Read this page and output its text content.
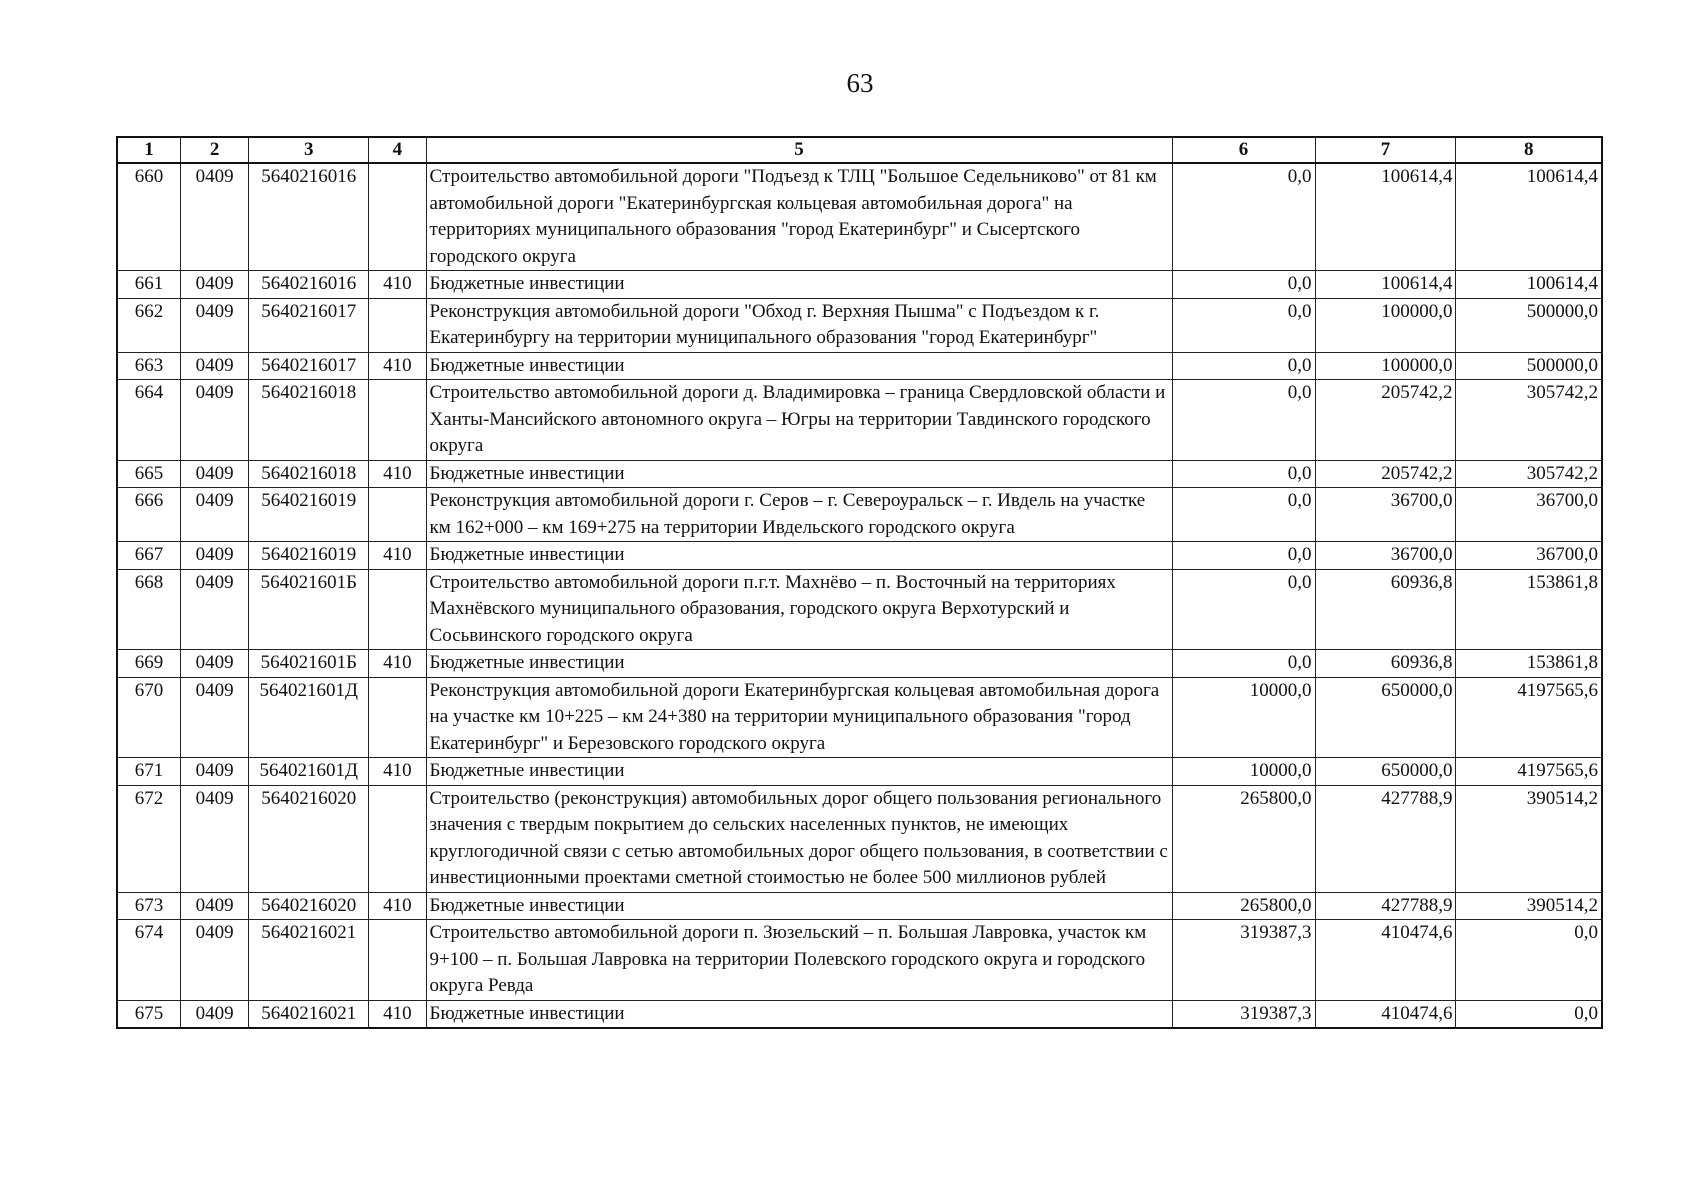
63
1	2	3	4	5	6	7	8
660	0409	5640216016		Строительство автомобильной дороги "Подъезд к ТЛЦ "Большое Седельниково" от 81 км автомобильной дороги "Екатеринбургская кольцевая автомобильная дорога" на территориях муниципального образования "город Екатеринбург" и Сысертского городского округа	0,0	100614,4	100614,4
661	0409	5640216016	410	Бюджетные инвестиции	0,0	100614,4	100614,4
662	0409	5640216017		Реконструкция автомобильной дороги "Обход г. Верхняя Пышма" с Подъездом к г. Екатеринбургу на территории муниципального образования "город Екатеринбург"	0,0	100000,0	500000,0
663	0409	5640216017	410	Бюджетные инвестиции	0,0	100000,0	500000,0
664	0409	5640216018		Строительство автомобильной дороги д. Владимировка – граница Свердловской области и Ханты-Мансийского автономного округа – Югры на территории Тавдинского городского округа	0,0	205742,2	305742,2
665	0409	5640216018	410	Бюджетные инвестиции	0,0	205742,2	305742,2
666	0409	5640216019		Реконструкция автомобильной дороги г. Серов – г. Североуральск – г. Ивдель на участке км 162+000 – км 169+275 на территории Ивдельского городского округа	0,0	36700,0	36700,0
667	0409	5640216019	410	Бюджетные инвестиции	0,0	36700,0	36700,0
668	0409	564021601Б		Строительство автомобильной дороги п.г.т. Махнёво – п. Восточный на территориях Махнёвского муниципального образования, городского округа Верхотурский и Сосьвинского городского округа	0,0	60936,8	153861,8
669	0409	564021601Б	410	Бюджетные инвестиции	0,0	60936,8	153861,8
670	0409	564021601Д		Реконструкция автомобильной дороги Екатеринбургская кольцевая автомобильная дорога на участке км 10+225 – км 24+380 на территории муниципального образования "город Екатеринбург" и Березовского городского округа	10000,0	650000,0	4197565,6
671	0409	564021601Д	410	Бюджетные инвестиции	10000,0	650000,0	4197565,6
672	0409	5640216020		Строительство (реконструкция) автомобильных дорог общего пользования регионального значения с твердым покрытием до сельских населенных пунктов, не имеющих круглогодичной связи с сетью автомобильных дорог общего пользования, в соответствии с инвестиционными проектами сметной стоимостью не более 500 миллионов рублей	265800,0	427788,9	390514,2
673	0409	5640216020	410	Бюджетные инвестиции	265800,0	427788,9	390514,2
674	0409	5640216021		Строительство автомобильной дороги п. Зюзельский – п. Большая Лавровка, участок км 9+100 – п. Большая Лавровка на территории Полевского городского округа и городского округа Ревда	319387,3	410474,6	0,0
675	0409	5640216021	410	Бюджетные инвестиции	319387,3	410474,6	0,0
